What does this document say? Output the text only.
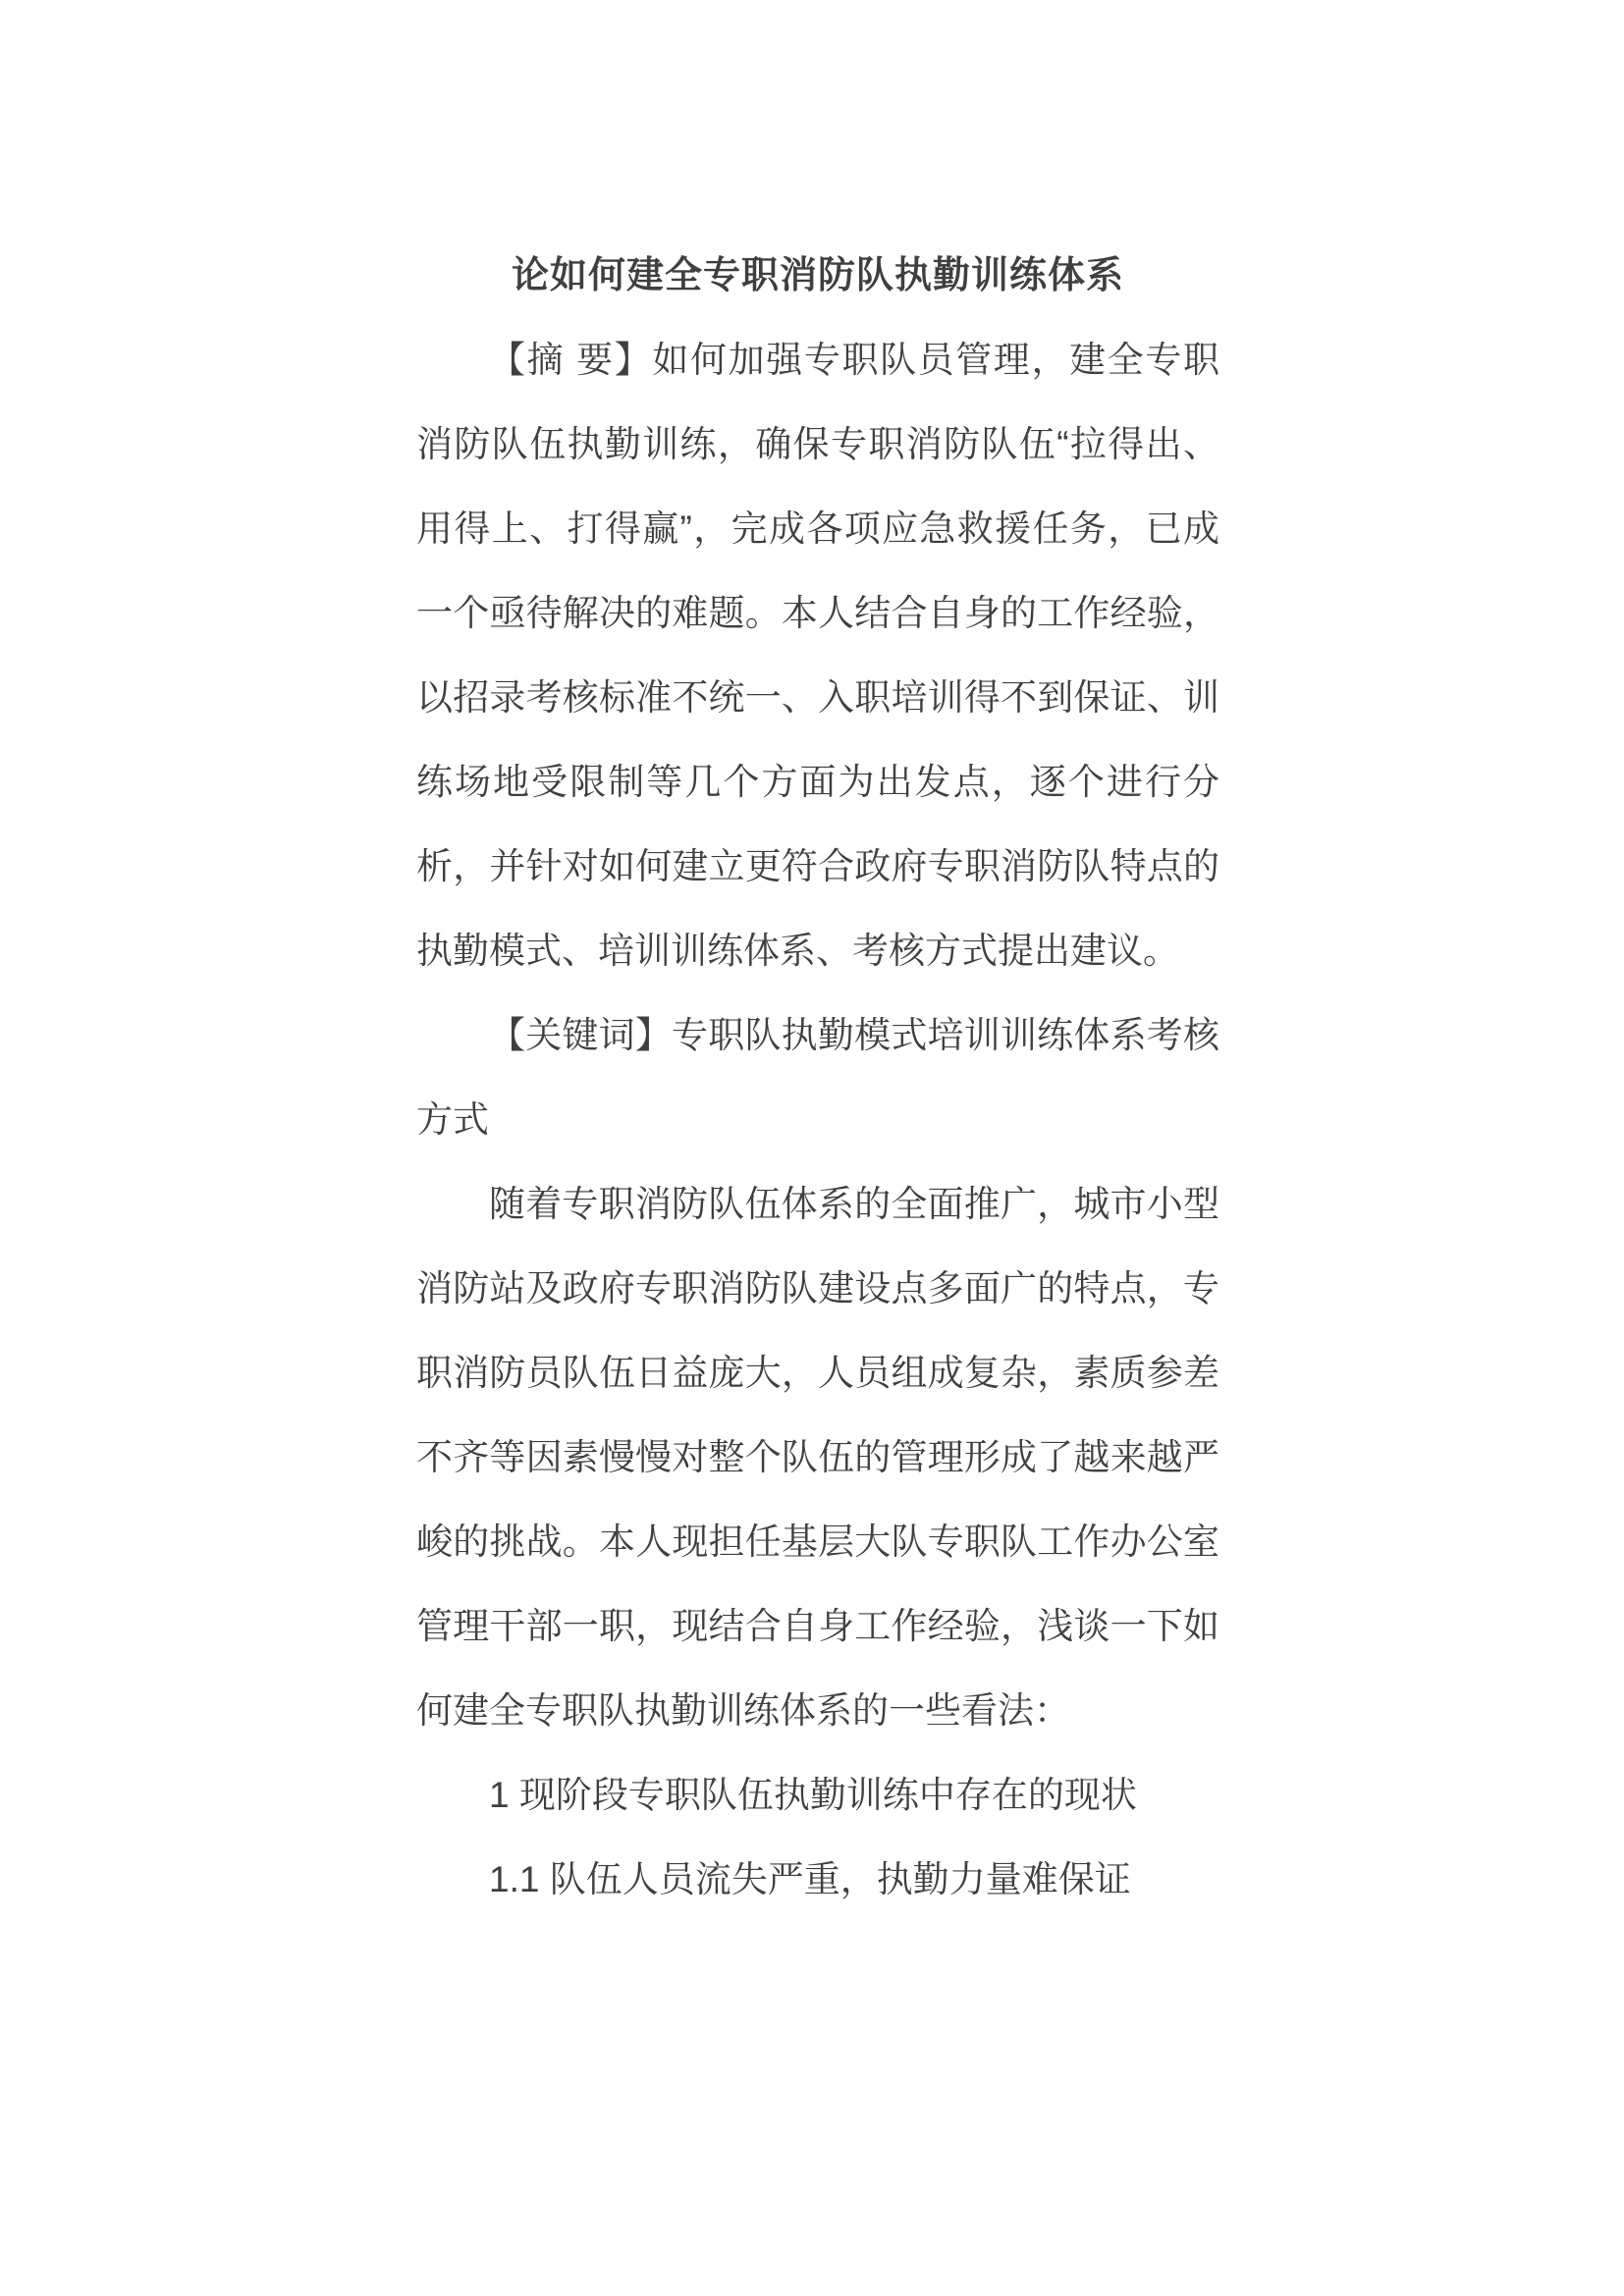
论如何建全专职消防队执勤训练体系

【摘 要】如何加强专职队员管理，建全专职消防队伍执勤训练，确保专职消防队伍“拉得出、用得上、打得赢”，完成各项应急救援任务，已成一个亟待解决的难题。本人结合自身的工作经验，以招录考核标准不统一、入职培训得不到保证、训练场地受限制等几个方面为出发点，逐个进行分析，并针对如何建立更符合政府专职消防队特点的执勤模式、培训训练体系、考核方式提出建议。

【关键词】专职队执勤模式培训训练体系考核方式

随着专职消防队伍体系的全面推广，城市小型消防站及政府专职消防队建设点多面广的特点，专职消防员队伍日益庞大，人员组成复杂，素质参差不齐等因素慢慢对整个队伍的管理形成了越来越严峻的挑战。本人现担任基层大队专职队工作办公室管理干部一职，现结合自身工作经验，浅谈一下如何建全专职队执勤训练体系的一些看法：

1 现阶段专职队伍执勤训练中存在的现状

1.1 队伍人员流失严重，执勤力量难保证
